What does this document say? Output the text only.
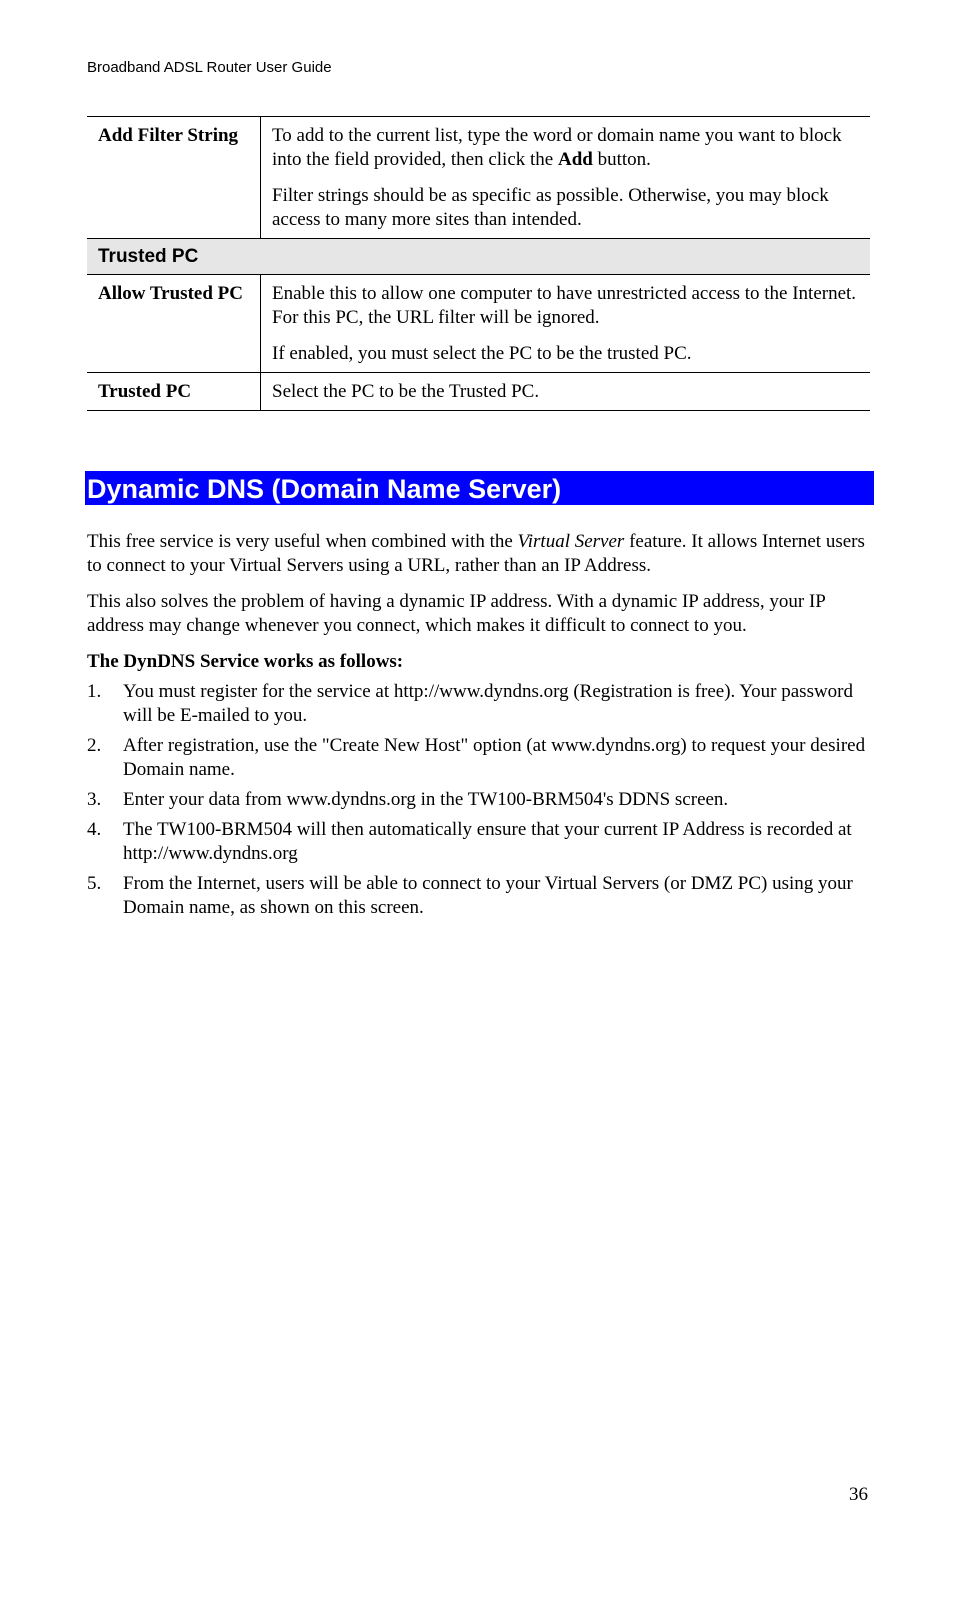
Broadband ADSL Router User Guide
Add Filter String	To add to the current list, type the word or domain name you want to block into the field provided, then click the Add button.

Filter strings should be as specific as possible. Otherwise, you may block access to many more sites than intended.

Trusted PC	
Allow Trusted PC	Enable this to allow one computer to have unrestricted access to the Internet. For this PC, the URL filter will be ignored.

If enabled, you must select the PC to be the trusted PC.

Trusted PC	Select the PC to be the Trusted PC.

Dynamic DNS (Domain Name Server)

This free service is very useful when combined with the Virtual Server feature. It allows Internet users to connect to your Virtual Servers using a URL, rather than an IP Address.

This also solves the problem of having a dynamic IP address. With a dynamic IP address, your IP address may change whenever you connect, which makes it difficult to connect to you.

The DynDNS Service works as follows:

1. You must register for the service at http://www.dyndns.org (Registration is free). Your password will be E-mailed to you.
2. After registration, use the "Create New Host" option (at www.dyndns.org) to request your desired Domain name.
3. Enter your data from www.dyndns.org in the TW100-BRM504's DDNS screen.
4. The TW100-BRM504 will then automatically ensure that your current IP Address is recorded at http://www.dyndns.org
5. From the Internet, users will be able to connect to your Virtual Servers (or DMZ PC) using your Domain name, as shown on this screen.
36
